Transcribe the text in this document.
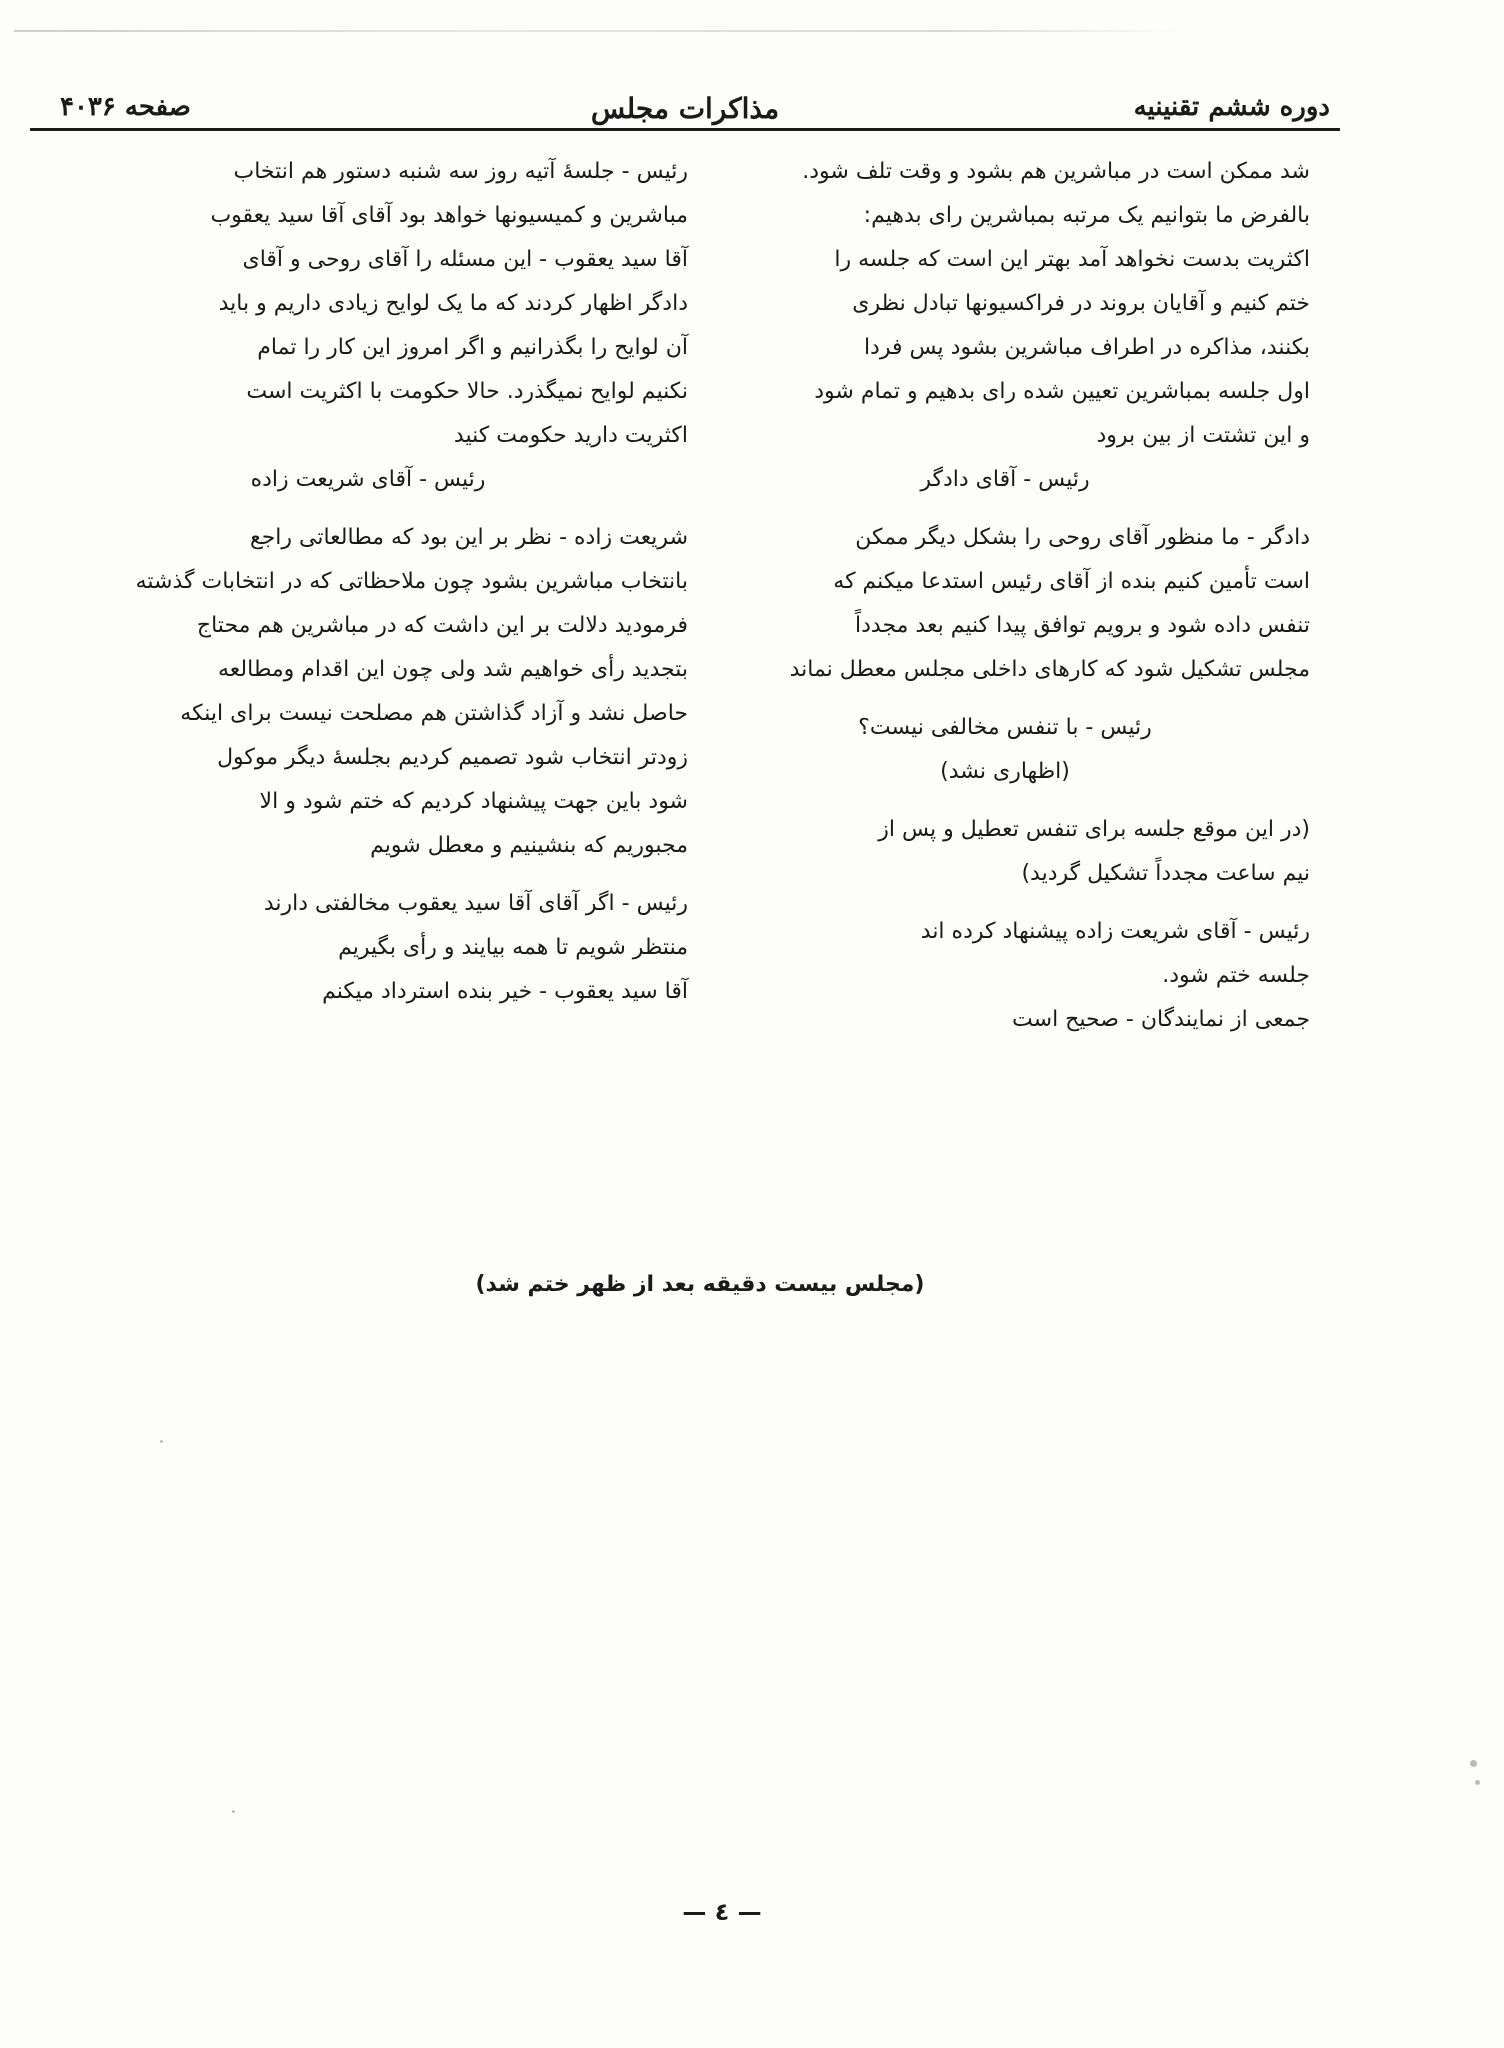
دوره ششم تقنینیه
مذاکرات مجلس
صفحه ۴۰۳۶

شد ممکن است در مباشرین هم بشود و وقت تلف شود.

بالفرض ما بتوانیم یک مرتبه بمباشرین رای بدهیم:

اکثریت بدست نخواهد آمد بهتر این است که جلسه را

ختم کنیم و آقایان بروند در فراکسیونها تبادل نظری

بکنند، مذاکره در اطراف مباشرین بشود پس فردا

اول جلسه بمباشرین تعیین شده رای بدهیم و تمام شود

و این تشتت از بین برود

رئیس - آقای دادگر

دادگر - ما منظور آقای روحی را بشکل دیگر ممکن

است تأمین کنیم بنده از آقای رئیس استدعا میکنم که

تنفس داده شود و برویم توافق پیدا کنیم بعد مجدداً

مجلس تشکیل شود که کارهای داخلی مجلس معطل نماند

رئیس - با تنفس مخالفی نیست؟

(اظهاری نشد)

(در این موقع جلسه برای تنفس تعطیل و پس از

نیم ساعت مجدداً تشکیل گردید)

رئیس - آقای شریعت زاده پیشنهاد کرده اند

جلسه ختم شود.

جمعی از نمایندگان - صحیح است

رئیس - جلسهٔ آتیه روز سه شنبه دستور هم انتخاب

مباشرین و کمیسیونها خواهد بود آقای آقا سید یعقوب

آقا سید یعقوب - این مسئله را آقای روحی و آقای

دادگر اظهار کردند که ما یک لوایح زیادی داریم و باید

آن لوایح را بگذرانیم و اگر امروز این کار را تمام

نکنیم لوایح نمیگذرد. حالا حکومت با اکثریت است

اکثریت دارید حکومت کنید

رئیس - آقای شریعت زاده

شریعت زاده - نظر بر این بود که مطالعاتی راجع

بانتخاب مباشرین بشود چون ملاحظاتی که در انتخابات گذشته

فرمودید دلالت بر این داشت که در مباشرین هم محتاج

بتجدید رأی خواهیم شد ولی چون این اقدام ومطالعه

حاصل نشد و آزاد گذاشتن هم مصلحت نیست برای اینکه

زودتر انتخاب شود تصمیم کردیم بجلسهٔ دیگر موکول

شود باین جهت پیشنهاد کردیم که ختم شود و الا

مجبوریم که بنشینیم و معطل شویم

رئیس - اگر آقای آقا سید یعقوب مخالفتی دارند

منتظر شویم تا همه بیایند و رأی بگیریم

آقا سید یعقوب - خیر بنده استرداد میکنم

(مجلس بیست دقیقه بعد از ظهر ختم شد)
— ٤ —
